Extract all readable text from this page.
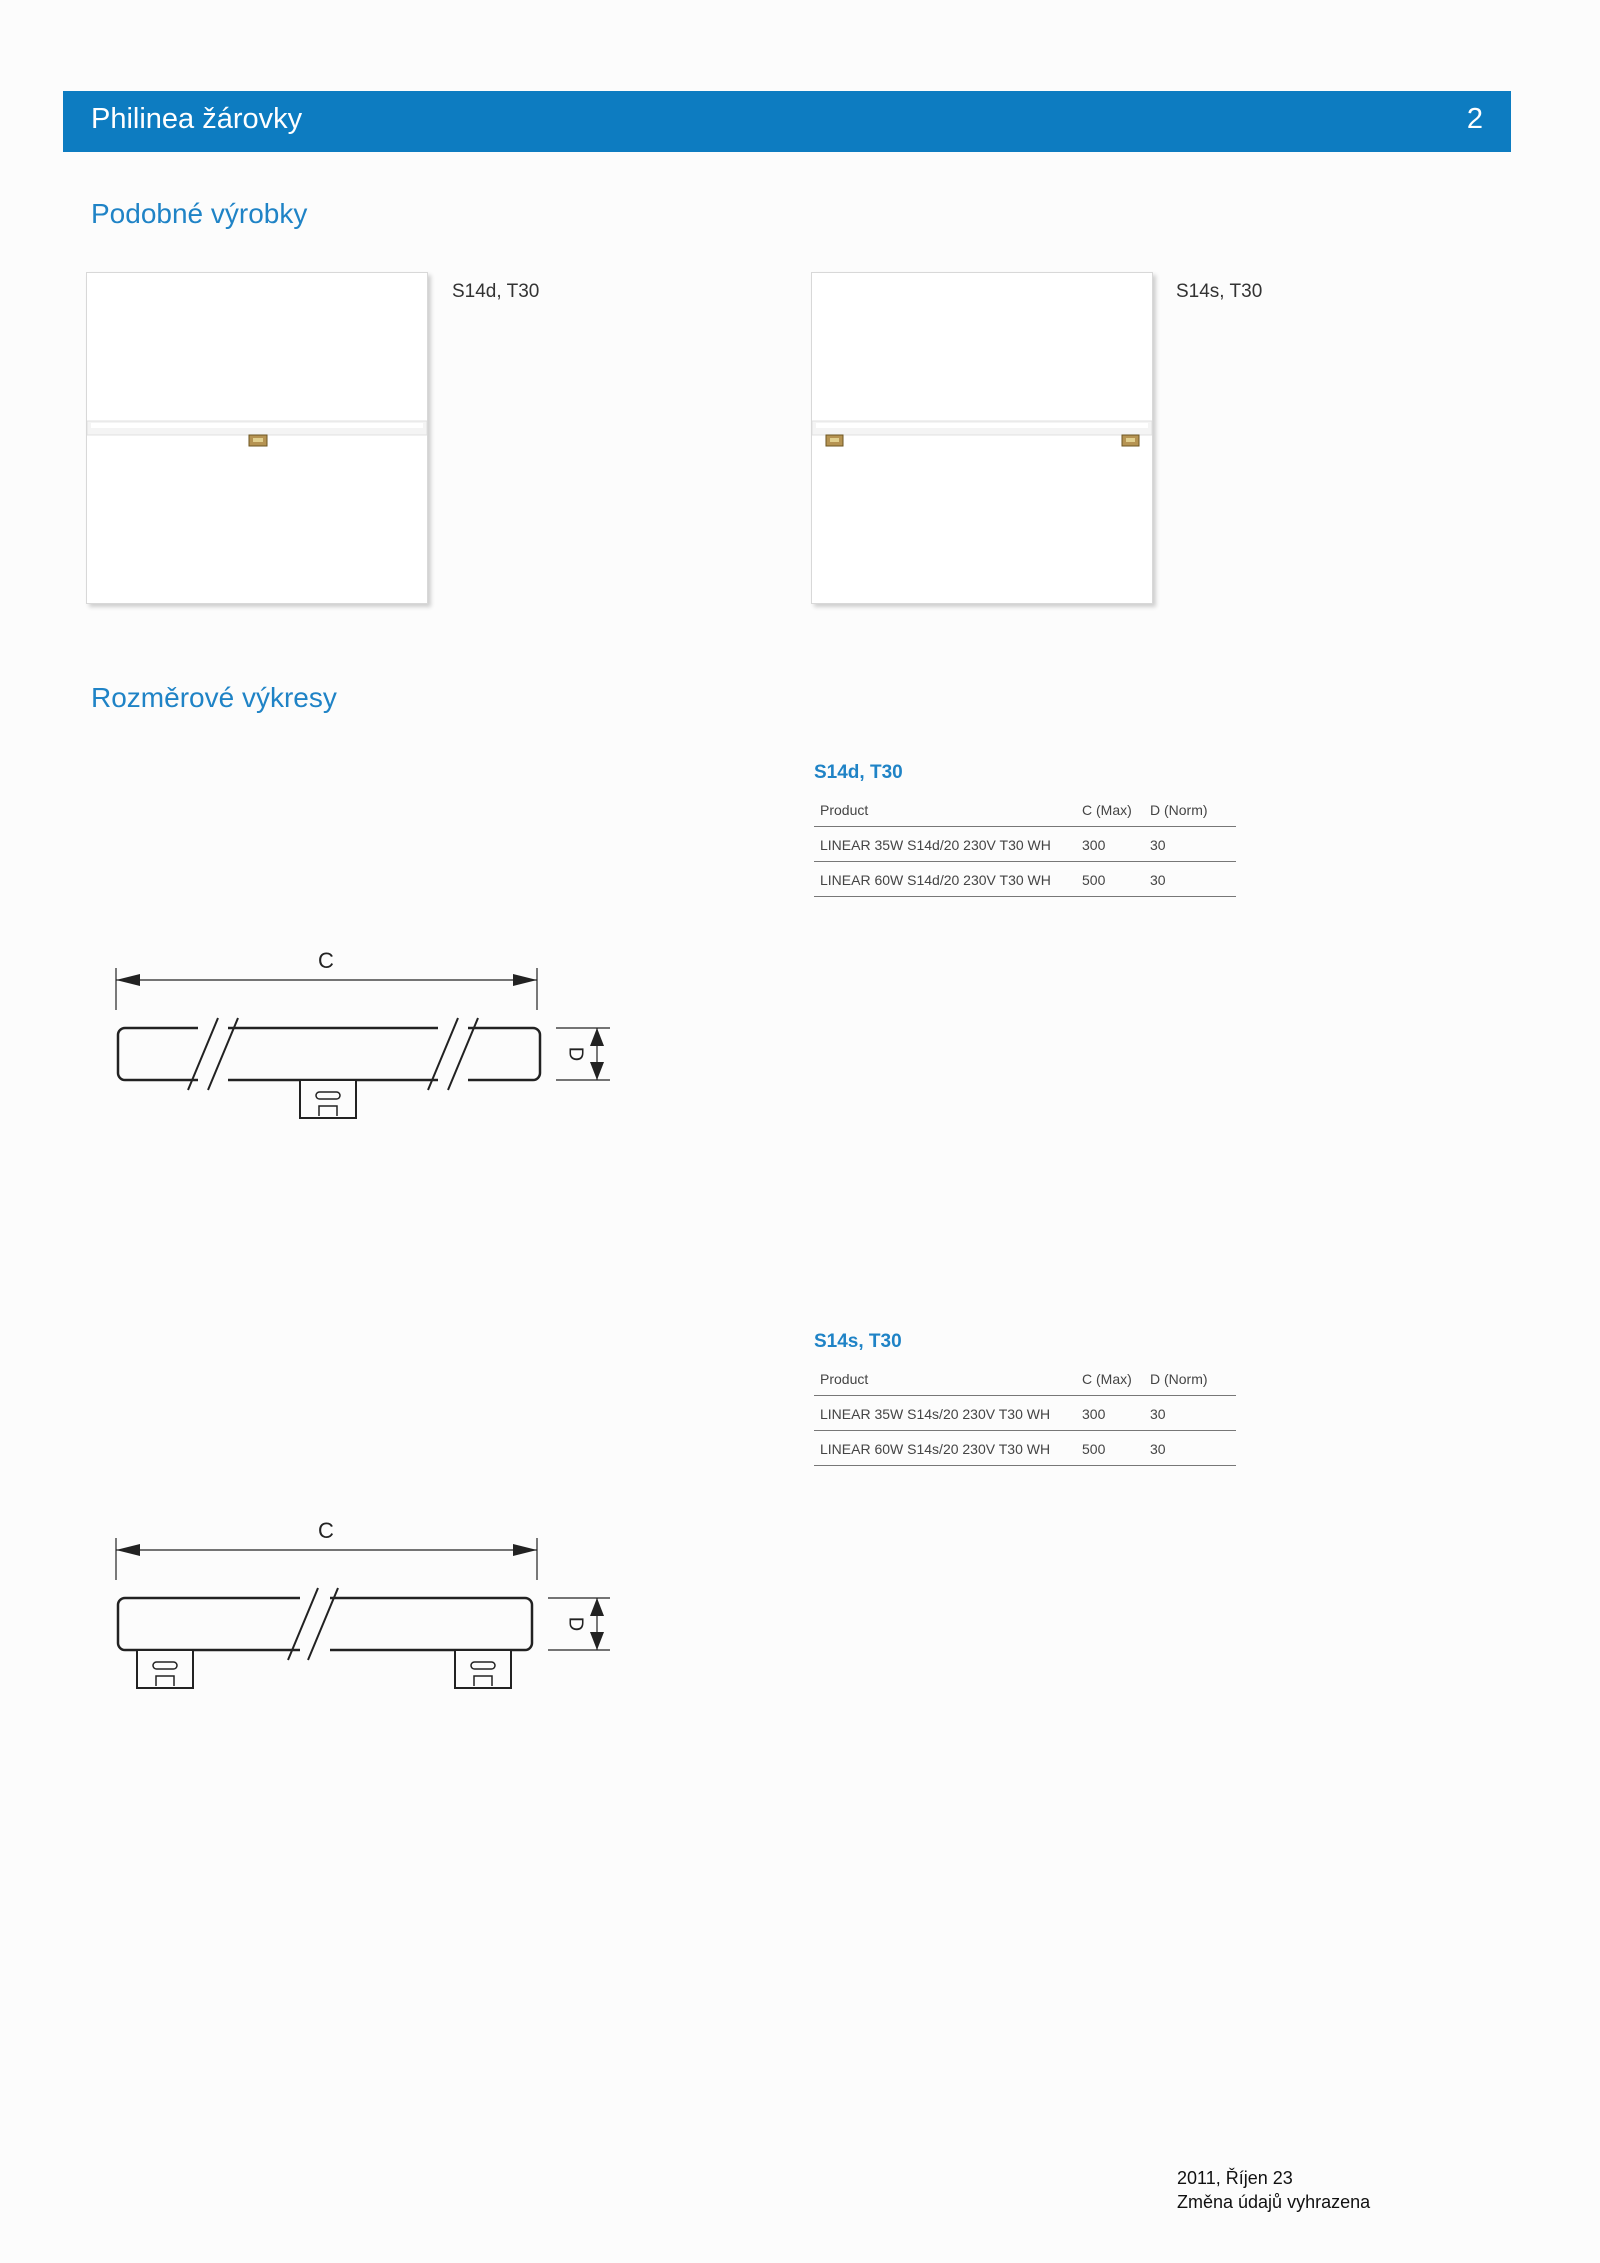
Philinea žárovky	2
Podobné výrobky
S14d, T30	S14s, T30
Rozměrové výkresy
C
D
C
D
S14d, T30
Product	C (Max)	D (Norm)
LINEAR 35W S14d/20 230V T30 WH	300	30
LINEAR 60W S14d/20 230V T30 WH	500	30
S14s, T30
Product	C (Max)	D (Norm)
LINEAR 35W S14s/20 230V T30 WH	300	30
LINEAR 60W S14s/20 230V T30 WH	500	30
2011, Říjen 23
Změna údajů vyhrazena
